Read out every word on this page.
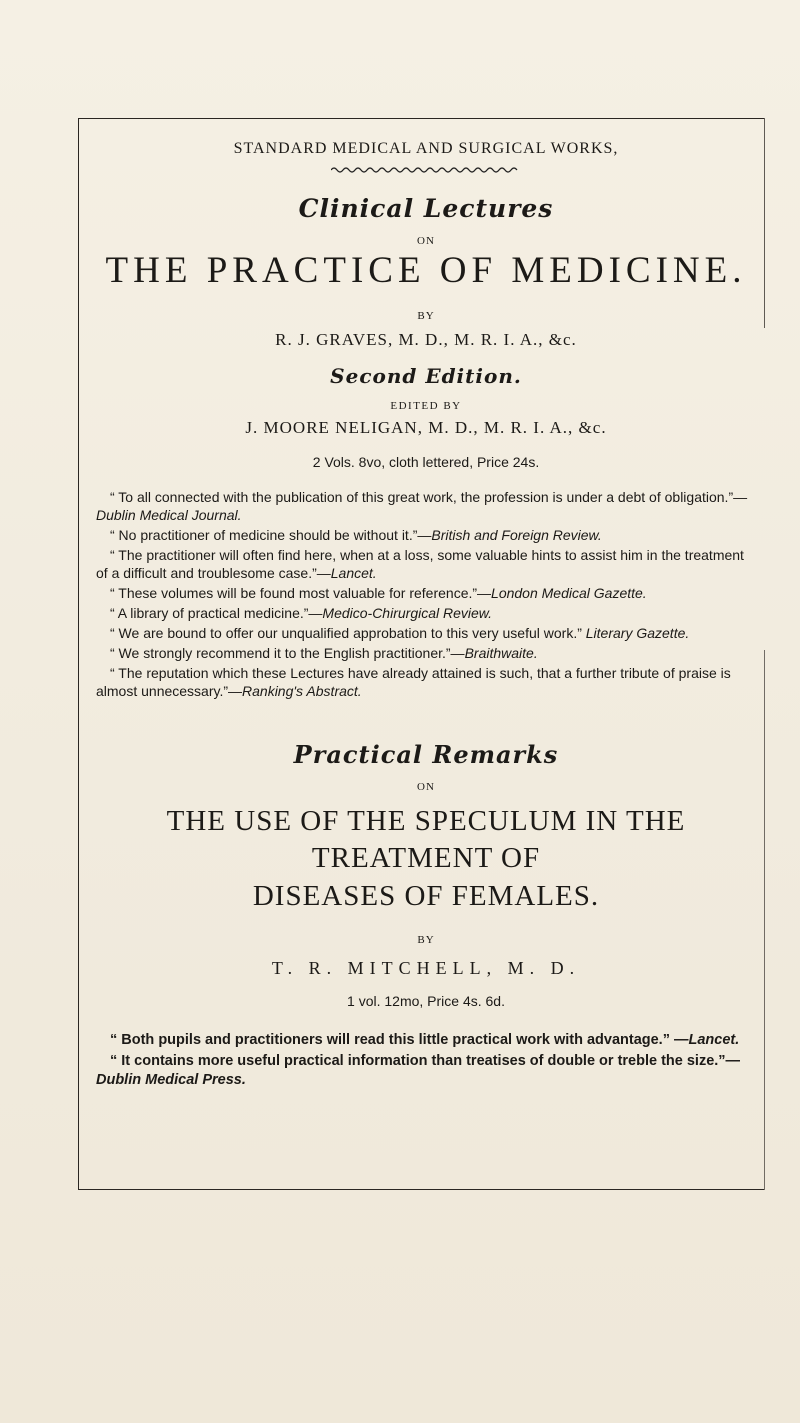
STANDARD MEDICAL AND SURGICAL WORKS,

Clinical Lectures
ON
THE PRACTICE OF MEDICINE.
BY
R. J. GRAVES, M. D., M. R. I. A., &c.
Second Edition.
EDITED BY
J. MOORE NELIGAN, M. D., M. R. I. A., &c.
2 Vols. 8vo, cloth lettered, Price 24s.

“ To all connected with the publication of this great work, the profession is under a debt of obligation.”—Dublin Medical Journal.

“ No practitioner of medicine should be without it.”—British and Foreign Review.

“ The practitioner will often find here, when at a loss, some valuable hints to assist him in the treatment of a difficult and troublesome case.”—Lancet.

“ These volumes will be found most valuable for reference.”—London Medical Gazette.

“ A library of practical medicine.”—Medico-Chirurgical Review.

“ We are bound to offer our unqualified approbation to this very useful work.” Literary Gazette.

“ We strongly recommend it to the English practitioner.”—Braithwaite.

“ The reputation which these Lectures have already attained is such, that a further tribute of praise is almost unnecessary.”—Ranking's Abstract.

Practical Remarks
ON
THE USE OF THE SPECULUM IN THE TREATMENT OF
DISEASES OF FEMALES.
BY
T. R. MITCHELL, M. D.
1 vol. 12mo, Price 4s. 6d.

“ Both pupils and practitioners will read this little practical work with advantage.” —Lancet.

“ It contains more useful practical information than treatises of double or treble the size.”—Dublin Medical Press.
